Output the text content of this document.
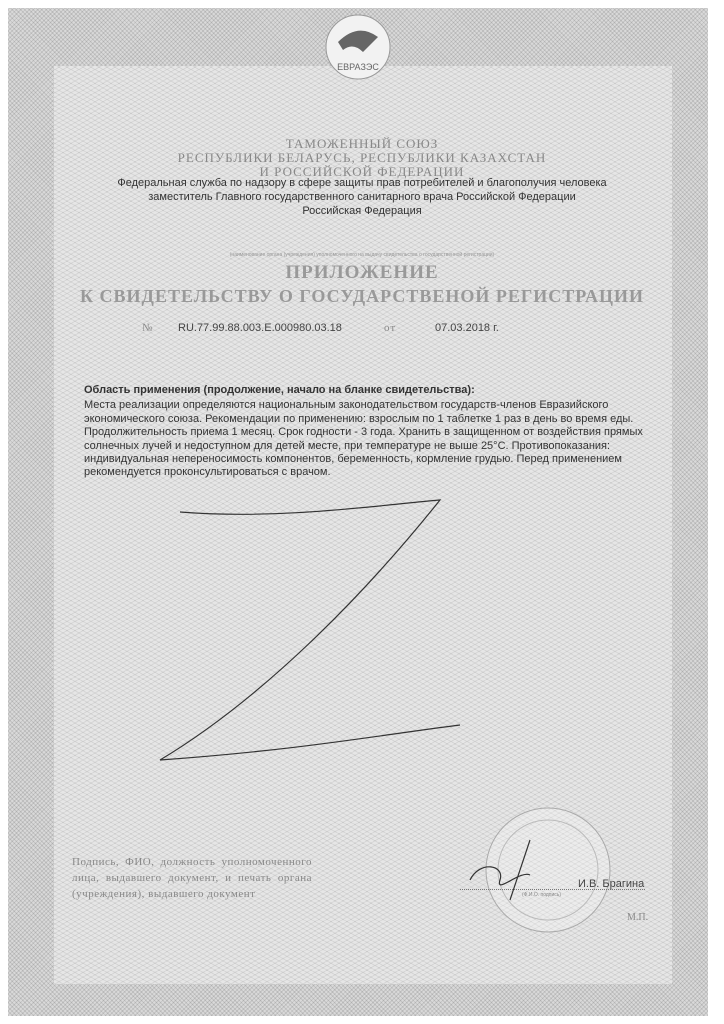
ЕВРАЗЭС
ТАМОЖЕННЫЙ СОЮЗ
РЕСПУБЛИКИ БЕЛАРУСЬ, РЕСПУБЛИКИ КАЗАХСТАН
И РОССИЙСКОЙ ФЕДЕРАЦИИ
Федеральная служба по надзору в сфере защиты прав потребителей и благополучия человека
заместитель Главного государственного санитарного врача Российской Федерации
Российская Федерация
(наименование органа (учреждения) уполномоченного на выдачу свидетельства о государственной регистрации)
ПРИЛОЖЕНИЕ
К СВИДЕТЕЛЬСТВУ О ГОСУДАРСТВЕНОЙ РЕГИСТРАЦИИ
№ RU.77.99.88.003.E.000980.03.18	от	07.03.2018 г.
Область применения (продолжение, начало на бланке свидетельства):
Места реализации определяются национальным законодательством государств-членов Евразийского экономического союза. Рекомендации по применению: взрослым по 1 таблетке 1 раз в день во время еды. Продолжительность приема 1 месяц. Срок годности - 3 года. Хранить в защищенном от воздействия прямых солнечных лучей и недоступном для детей месте, при температуре не выше 25°С. Противопоказания: индивидуальная непереносимость компонентов, беременность, кормление грудью. Перед применением рекомендуется проконсультироваться с врачом.
Подпись, ФИО, должность уполномоченного лица, выдавшего документ, и печать органа (учреждения), выдавшего документ
И.В. Брагина
(Ф.И.О. подпись)
М.П.
